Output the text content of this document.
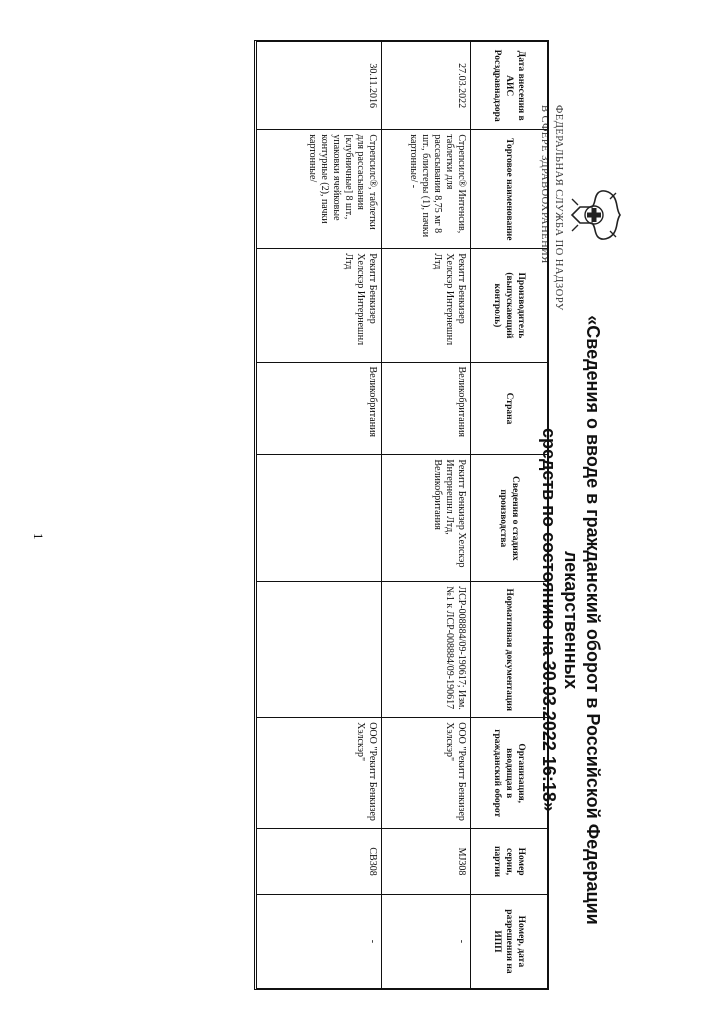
ФЕДЕРАЛЬНАЯ СЛУЖБА ПО НАДЗОРУ
В СФЕРЕ ЗДРАВООХРАНЕНИЯ
«Сведения о вводе в гражданский оборот в Российской Федерации лекарственных
средств по состоянию на 30.03.2022 16:18»
Дата внесения в АИС Росздравнадзора	Торговое наименование	Производитель (выпускающий контроль)	Страна	Сведения о стадиях производства	Нормативная документация	Организация, вводящая в гражданский оборот	Номер серии, партии	Номер, дата разрешения на ИПП
27.03.2022	Стрепсилс® Интенсив, таблетки для рассасывания 8,75 мг 8 шт., блистеры (1), пачки картонные/ -	Рекитт Бенкизер Хелскэр Интернешнл Лтд	Великобритания	Рекитт Бенкизер Хелскэр Интернешнл Лтд, Великобритания	ЛСР-008884/09-190617; Изм. №1 к ЛСР-008884/09-190617	ООО "Рекитт Бенкизер Хэлскэр"	MJ308	-
30.11.2016	Стрепсилс®, таблетки для рассасывания [клубничные] 8 шт., упаковки ячейковые контурные (2), пачки картонные/	Рекитт Бенкизер Хелскэр Интернешнл Лтд	Великобритания			ООО "Рекитт Бенкизер Хэлскэр"	CB308	-
1
